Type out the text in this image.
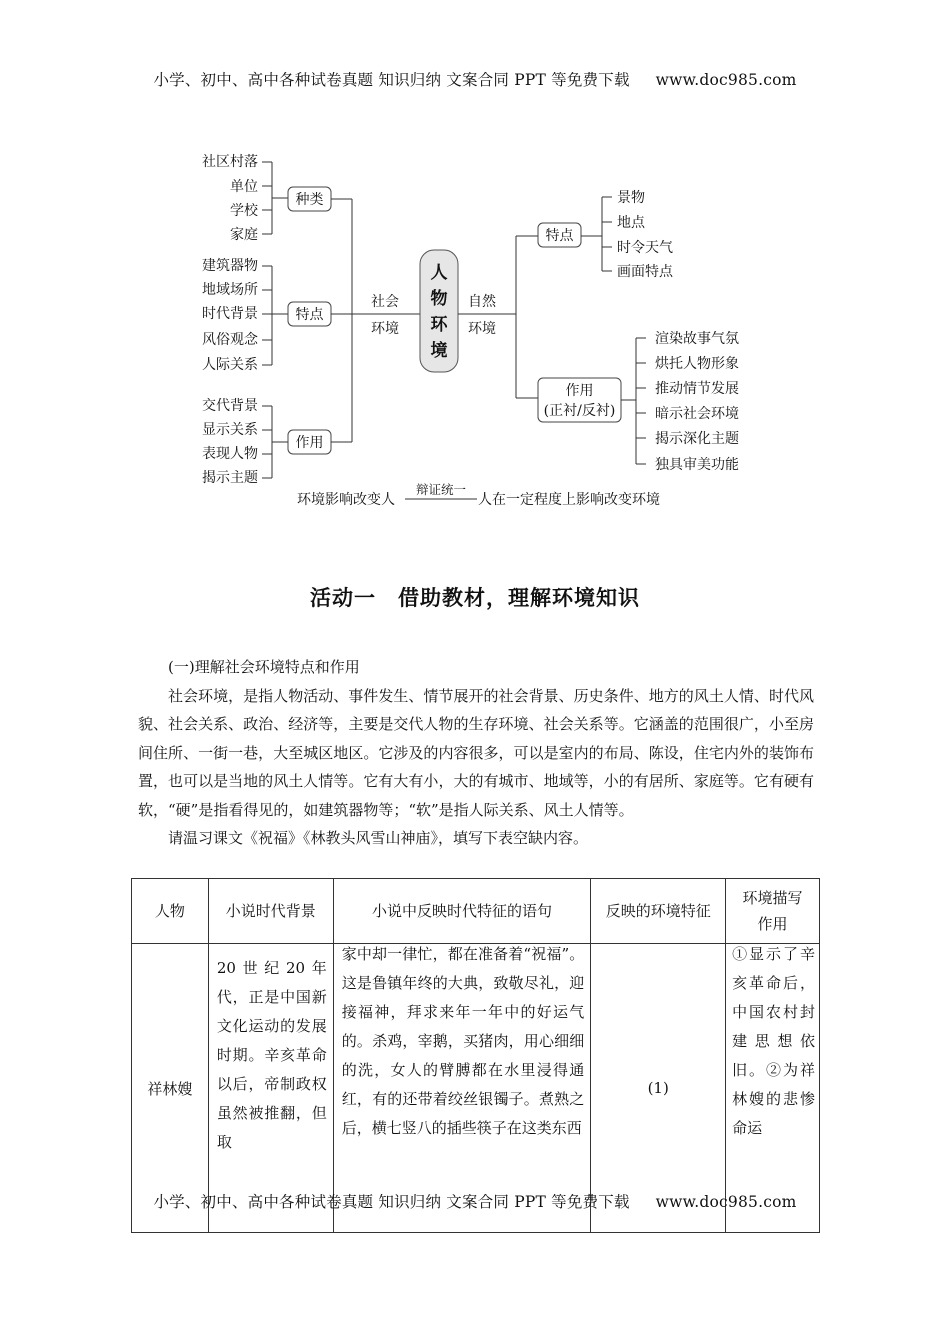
小学、初中、高中各种试卷真题 知识归纳 文案合同 PPT 等免费下载 www.doc985.com
社区村落
单位
学校
家庭
种类
建筑器物
地域场所
时代背景
风俗观念
人际关系
特点
交代背景
显示关系
表现人物
揭示主题
作用
社会
环境
人
物
环
境
自然
环境
特点
景物
地点
时令天气
画面特点
作用
(正衬/反衬)
渲染故事气氛
烘托人物形象
推动情节发展
暗示社会环境
揭示深化主题
独具审美功能
环境影响改变人
辩证统一
人在一定程度上影响改变环境
活动一　借助教材，理解环境知识

(一)理解社会环境特点和作用

社会环境，是指人物活动、事件发生、情节展开的社会背景、历史条件、地方的风土人情、时代风貌、社会关系、政治、经济等，主要是交代人物的生存环境、社会关系等。它涵盖的范围很广，小至房间住所、一街一巷，大至城区地区。它涉及的内容很多，可以是室内的布局、陈设，住宅内外的装饰布置，也可以是当地的风土人情等。它有大有小，大的有城市、地域等，小的有居所、家庭等。它有硬有软，“硬”是指看得见的，如建筑器物等；“软”是指人际关系、风土人情等。

请温习课文《祝福》《林教头风雪山神庙》，填写下表空缺内容。

人物	小说时代背景	小说中反映时代特征的语句	反映的环境特征	环境描写作用
祥林嫂	20世纪20年代，正是中国新文化运动的发展时期。辛亥革命以后，帝制政权虽然被推翻，但取	家中却一律忙，都在准备着“祝福”。这是鲁镇年终的大典，致敬尽礼，迎接福神，拜求来年一年中的好运气的。杀鸡，宰鹅，买猪肉，用心细细的洗，女人的臂膊都在水里浸得通红，有的还带着绞丝银镯子。煮熟之后，横七竖八的插些筷子在这类东西	(1)	①显示了辛亥革命后，中国农村封建思想依旧。②为祥林嫂的悲惨命运
小学、初中、高中各种试卷真题 知识归纳 文案合同 PPT 等免费下载 www.doc985.com
